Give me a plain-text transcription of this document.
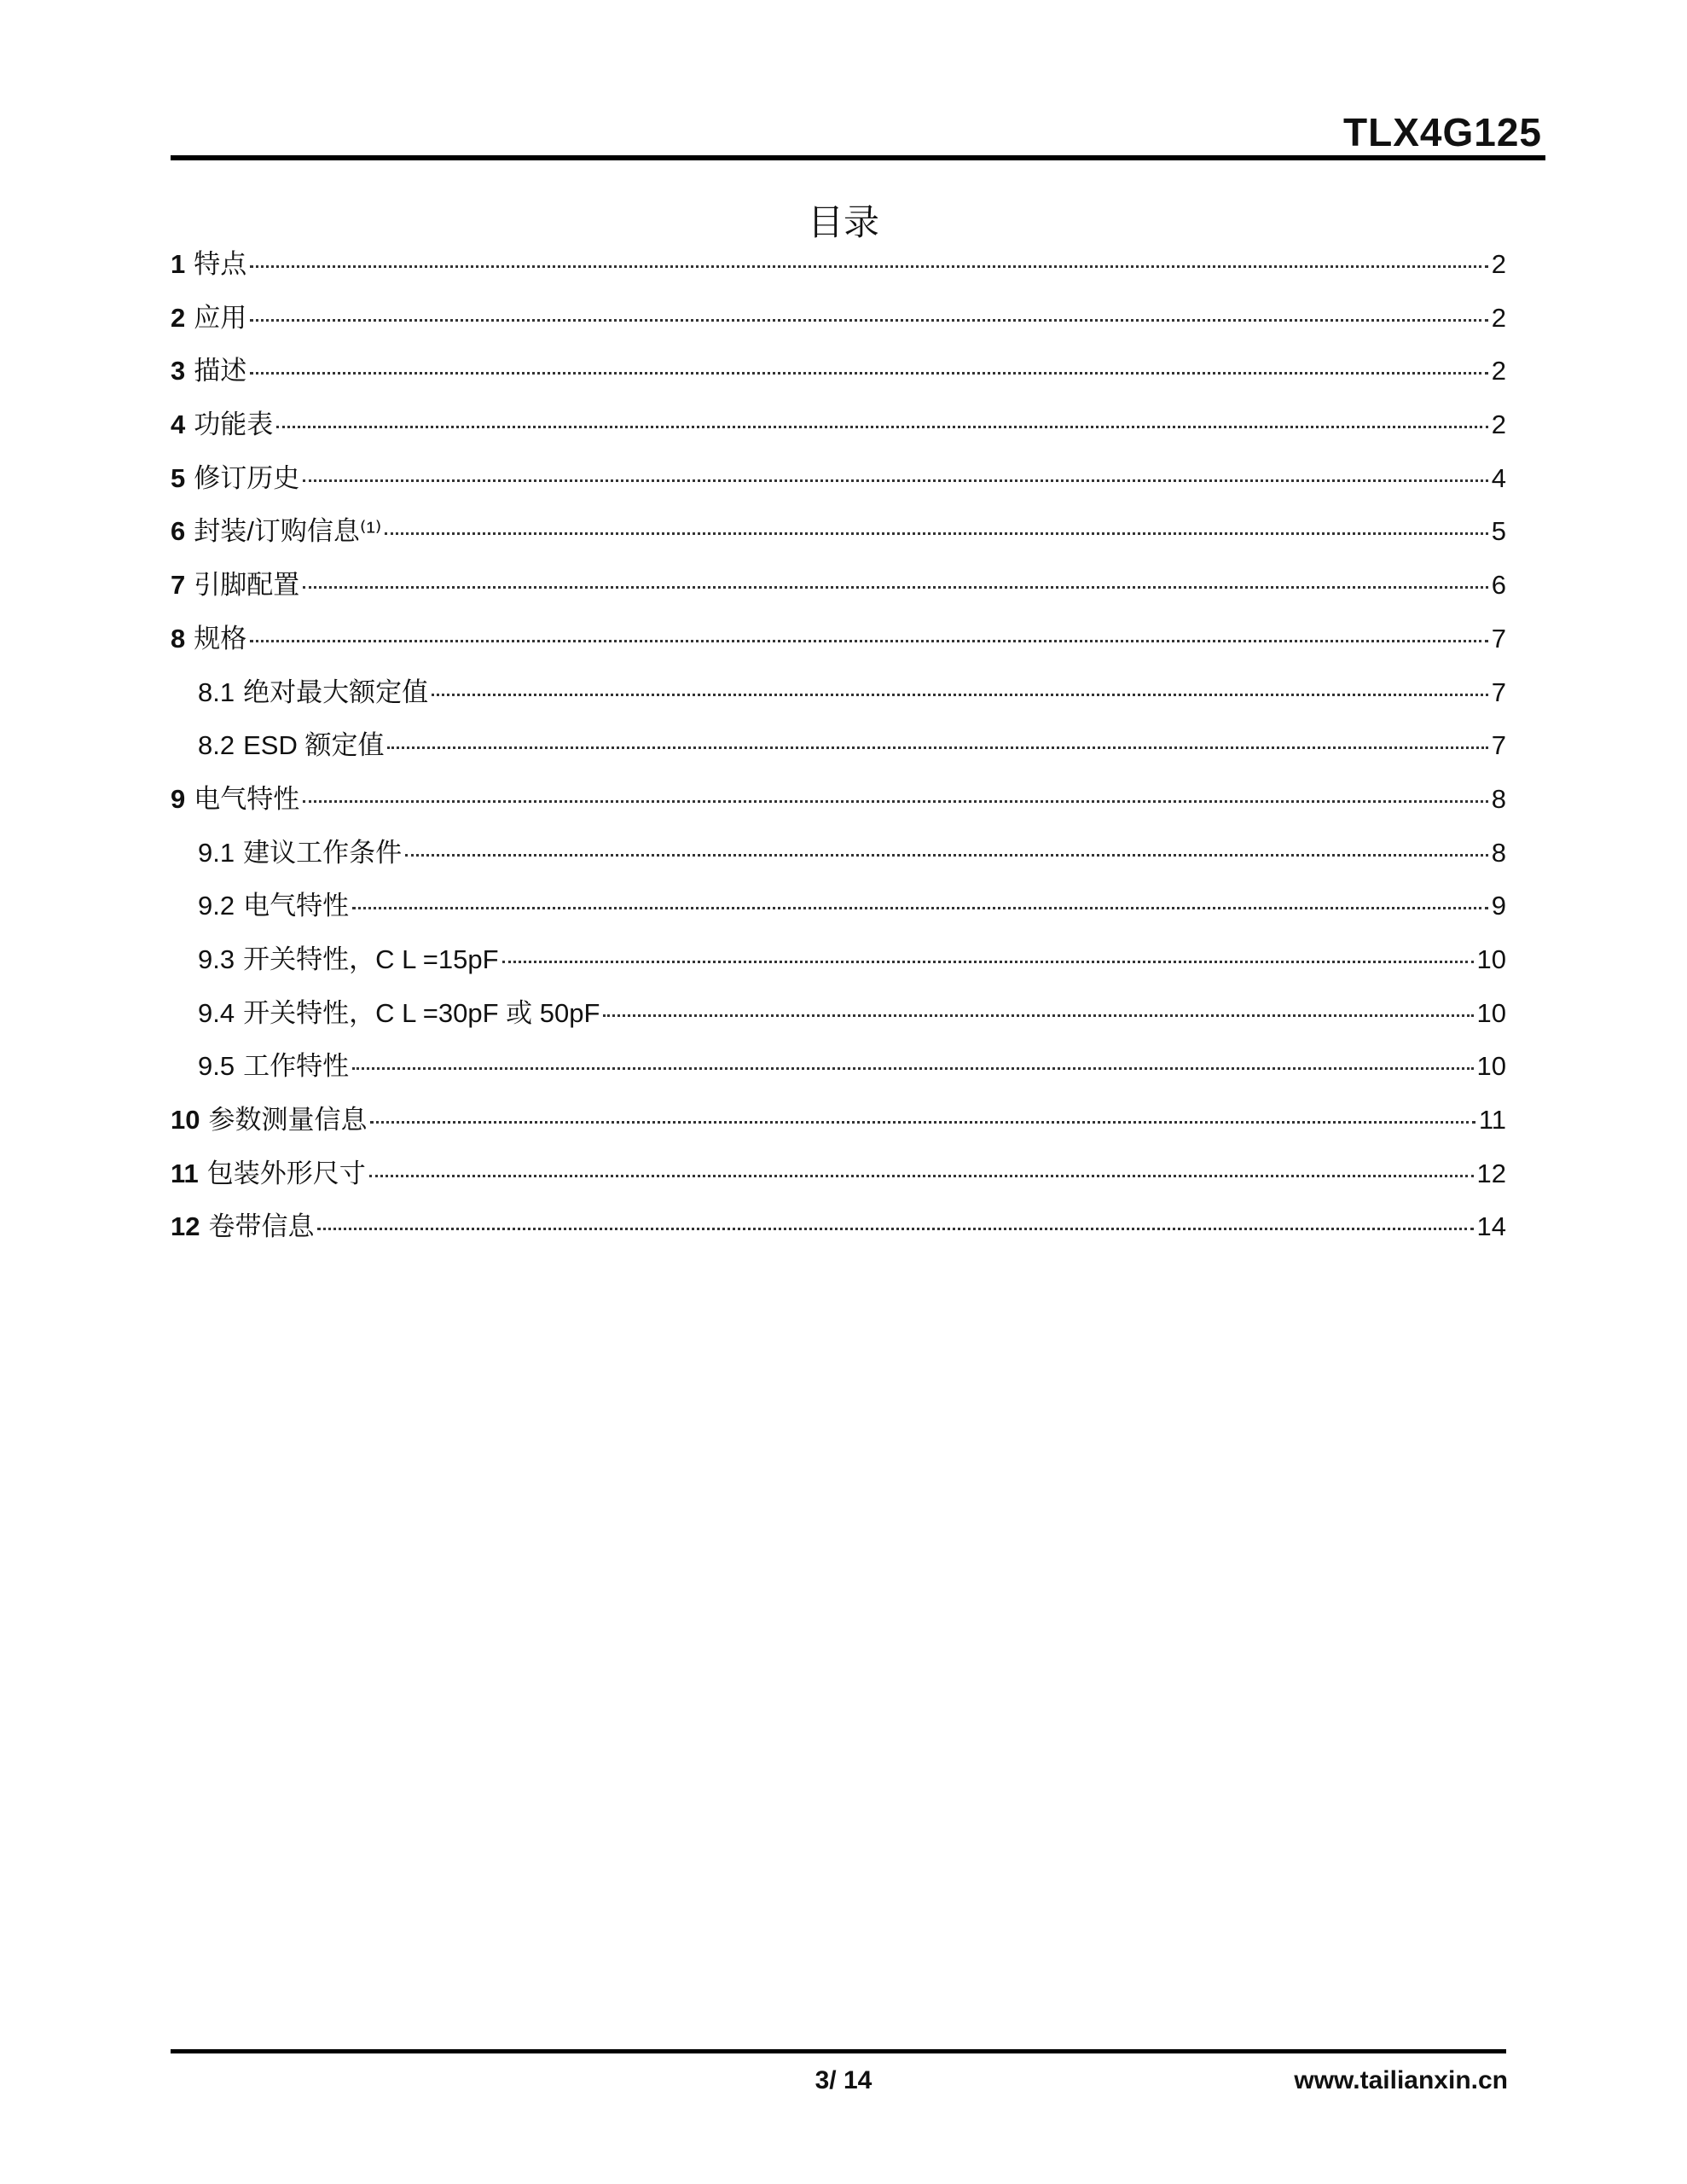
TLX4G125
目录
1 特点	2
2 应用	2
3 描述	2
4 功能表	2
5 修订历史	4
6 封装/订购信息⁽¹⁾	5
7 引脚配置	6
8 规格	7
8.1 绝对最大额定值	7
8.2 ESD 额定值	7
9 电气特性	8
9.1 建议工作条件	8
9.2 电气特性	9
9.3 开关特性，C L =15pF	10
9.4 开关特性，C L =30pF 或 50pF	10
9.5 工作特性	10
10 参数测量信息	11
11 包装外形尺寸	12
12 卷带信息	14
3/ 14	www.tailianxin.cn
